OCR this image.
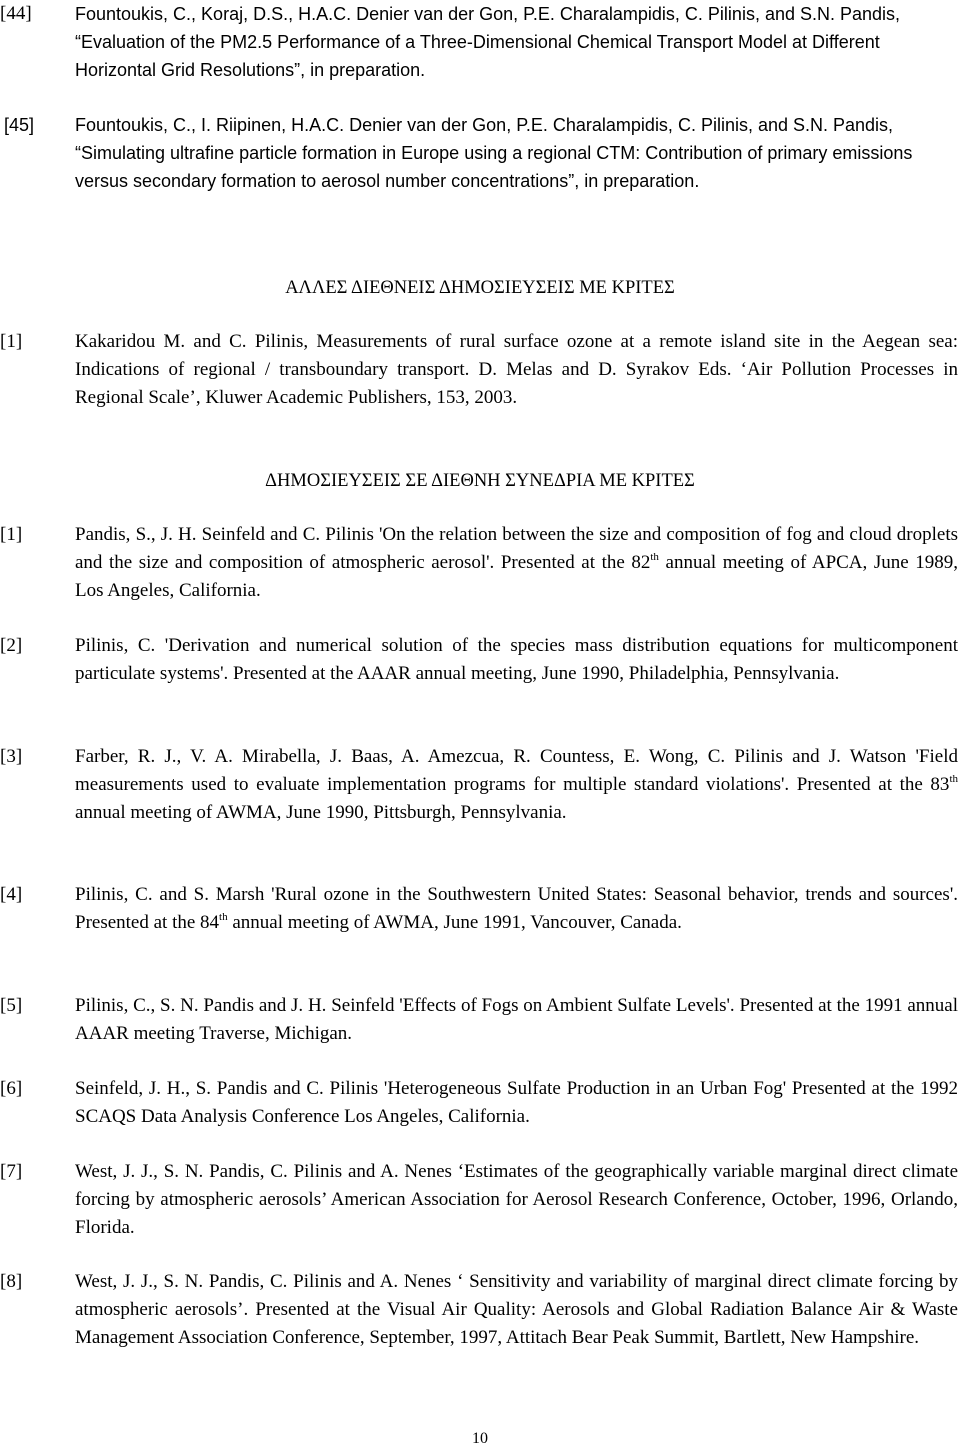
[44] Fountoukis, C., Koraj, D.S., H.A.C. Denier van der Gon, P.E. Charalampidis, C. Pilinis, and S.N. Pandis, “Evaluation of the PM2.5 Performance of a Three-Dimensional Chemical Transport Model at Different Horizontal Grid Resolutions”, in preparation.
[45] Fountoukis, C., I. Riipinen, H.A.C. Denier van der Gon, P.E. Charalampidis, C. Pilinis, and S.N. Pandis, “Simulating ultrafine particle formation in Europe using a regional CTM: Contribution of primary emissions versus secondary formation to aerosol number concentrations”, in preparation.
ΑΛΛΕΣ ΔΙΕΘΝΕΙΣ ΔΗΜΟΣΙΕΥΣΕΙΣ ΜΕ ΚΡΙΤΕΣ
[1]	Kakaridou M. and C. Pilinis, Measurements of rural surface ozone at a remote island site in the Aegean sea: Indications of regional / transboundary transport. D. Melas and D. Syrakov Eds. ‘Air Pollution Processes in Regional Scale’, Kluwer Academic Publishers, 153, 2003.
ΔΗΜΟΣΙΕΥΣΕΙΣ ΣΕ ΔΙΕΘΝΗ ΣΥΝΕΔΡΙΑ ΜΕ ΚΡΙΤΕΣ
[1]	Pandis, S., J. H. Seinfeld and C. Pilinis 'On the relation between the size and composition of fog and cloud droplets and the size and composition of atmospheric aerosol'. Presented at the 82th annual meeting of APCA, June 1989, Los Angeles, California.
[2]	Pilinis, C. 'Derivation and numerical solution of the species mass distribution equations for multicomponent particulate systems'. Presented at the AAAR annual meeting, June 1990, Philadelphia, Pennsylvania.
[3]	Farber, R. J., V. A. Mirabella, J. Baas, A. Amezcua, R. Countess, E. Wong, C. Pilinis and J. Watson 'Field measurements used to evaluate implementation programs for multiple standard violations'. Presented at the 83th annual meeting of AWMA, June 1990, Pittsburgh, Pennsylvania.
[4]	Pilinis, C. and S. Marsh 'Rural ozone in the Southwestern United States: Seasonal behavior, trends and sources'. Presented at the 84th annual meeting of AWMA, June 1991, Vancouver, Canada.
[5]	Pilinis, C., S. N. Pandis and J. H. Seinfeld 'Effects of Fogs on Ambient Sulfate Levels'. Presented at the 1991 annual AAAR meeting Traverse, Michigan.
[6]	Seinfeld, J. H., S. Pandis and C. Pilinis 'Heterogeneous Sulfate Production in an Urban Fog' Presented at the 1992 SCAQS Data Analysis Conference Los Angeles, California.
[7]	West, J. J., S. N. Pandis, C. Pilinis and A. Nenes ‘Estimates of the geographically variable marginal direct climate forcing by atmospheric aerosols’ American Association for Aerosol Research Conference, October, 1996, Orlando, Florida.
[8]	West, J. J., S. N. Pandis, C. Pilinis and A. Nenes ‘ Sensitivity and variability of marginal direct climate forcing by atmospheric aerosols’. Presented at the Visual Air Quality: Aerosols and Global Radiation Balance Air & Waste Management Association Conference, September, 1997, Attitach Bear Peak Summit, Bartlett, New Hampshire.
10
